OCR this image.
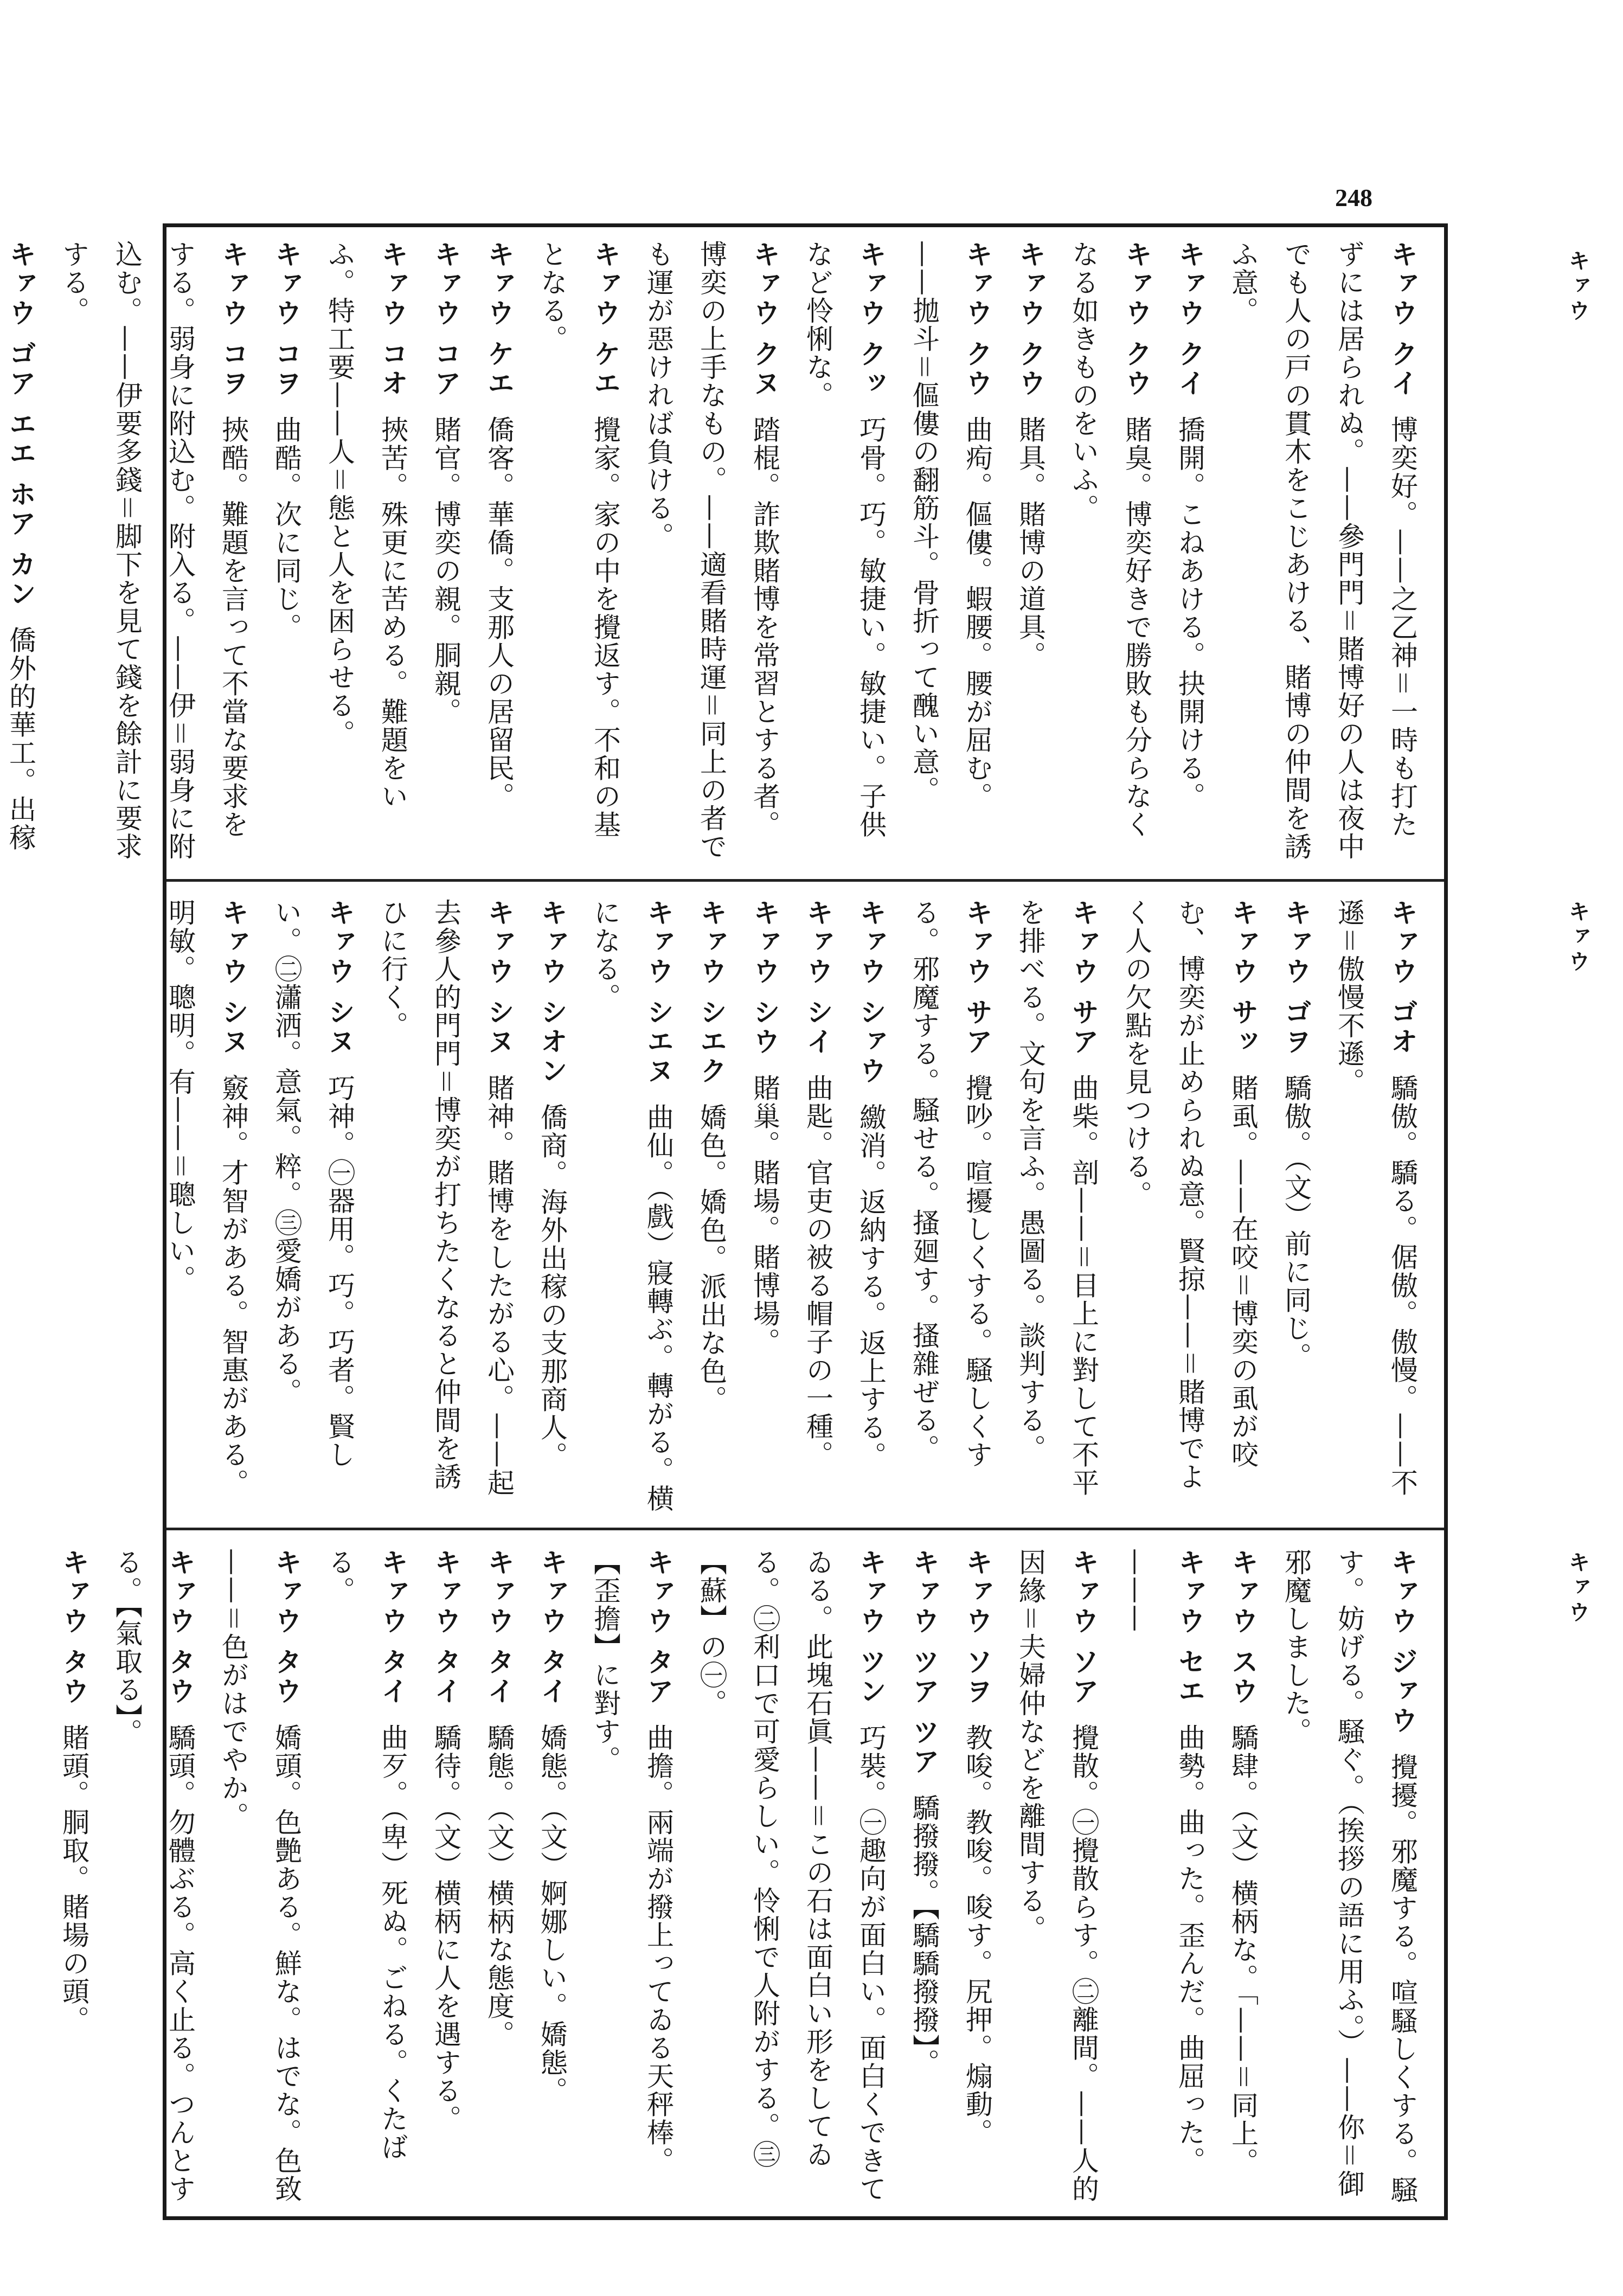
248
キァウ
キァウ
キァウ

キァウ クイ　博奕好。——之乙神＝一時も打たずには居られぬ。——參門門＝賭博好の人は夜中でも人の戸の貫木をこじあける、賭博の仲間を誘ふ意。

キァウ クイ　撟開。こねあける。抉開ける。

キァウ クウ　賭臭。博奕好きで勝敗も分らなくなる如きものをいふ。

キァウ クウ　賭具。賭博の道具。

キァウ クウ　曲痀。傴僂。蝦腰。腰が屈む。——拋斗＝傴僂の翻筋斗。骨折って醜い意。

キァウ クッ　巧骨。巧。敏捷い。敏捷い。子供など怜悧な。

キァウ クヌ　踏棍。詐欺賭博を常習とする者。博奕の上手なもの。——適看賭時運＝同上の者でも運が惡ければ負ける。

キァウ ケエ　攪家。家の中を攪返す。不和の基となる。

キァウ ケエ　僑客。華僑。支那人の居留民。

キァウ コア　賭官。博奕の親。胴親。

キァウ コオ　挾苦。殊更に苦める。難題をいふ。特工要——人＝態と人を困らせる。

キァウ コヲ　曲酷。次に同じ。

キァウ コヲ　挾酷。難題を言って不當な要求をする。弱身に附込む。附入る。——伊＝弱身に附込む。——伊要多錢＝脚下を見て錢を餘計に要求する。

キァウ ゴア エエ ホア カン　僑外的華工。出稼

キァウ ゴオ　驕傲。驕る。倨傲。傲慢。——不遜＝傲慢不遜。

キァウ ゴヲ　驕傲。（文）前に同じ。

キァウ サッ　賭虱。——在咬＝博奕の虱が咬む、博奕が止められぬ意。賢掠——＝賭博でよく人の欠點を見つける。

キァウ サア　曲柴。剖——＝目上に對して不平を排べる。文句を言ふ。愚圖る。談判する。

キァウ サア　攪吵。喧擾しくする。騒しくする。邪魔する。騒せる。搔廻す。搔雜ぜる。

キァウ シァウ　繳消。返納する。返上する。

キァウ シイ　曲匙。官吏の被る帽子の一種。

キァウ シウ　賭巢。賭場。賭博場。

キァウ シエク　嬌色。嬌色。派出な色。

キァウ シエヌ　曲仙。（戲）寢轉ぶ。轉がる。横になる。

キァウ シオン　僑商。海外出稼の支那商人。

キァウ シヌ　賭神。賭博をしたがる心。——起去參人的門門＝博奕が打ちたくなると仲間を誘ひに行く。

キァウ シヌ　巧神。㊀器用。巧。巧者。賢しい。㊁瀟洒。意氣。粹。㊂愛嬌がある。

キァウ シヌ　竅神。才智がある。智惠がある。明敏。聰明。有——＝聰しい。

キァウ ジァウ　攪擾。邪魔する。喧騷しくする。騒す。妨げる。騒ぐ。（挨拶の語に用ふ。）——你＝御邪魔しました。

キァウ スウ　驕肆。（文）横柄な。「——＝同上。

キァウ セエ　曲勢。曲った。歪んだ。曲屈った。———

キァウ ソア　攪散。㊀攪散らす。㊁離間。——人的因緣＝夫婦仲などを離間する。

キァウ ソヲ　教唆。教唆。唆す。尻押。煽動。

キァウ ツア ツア　驕撥撥。【驕驕撥撥】。

キァウ ツン　巧裝。㊀趣向が面白い。面白くできてゐる。此塊石眞——＝この石は面白い形をしてゐる。㊁利口で可愛らしい。怜悧で人附がする。㊂【蘇】の㊀。

キァウ タア　曲擔。兩端が撥上ってゐる天秤棒。【歪擔】に對す。

キァウ タイ　嬌態。（文）婀娜しい。嬌態。

キァウ タイ　驕態。（文）横柄な態度。

キァウ タイ　驕待。（文）横柄に人を遇する。

キァウ タイ　曲歹。（卑）死ぬ。ごねる。くたばる。

キァウ タウ　嬌頭。色艶ある。鮮な。はでな。色致——＝色がはでやか。

キァウ タウ　驕頭。勿體ぶる。高く止る。つんとする。【氣取る】。

キァウ タウ　賭頭。胴取。賭場の頭。
